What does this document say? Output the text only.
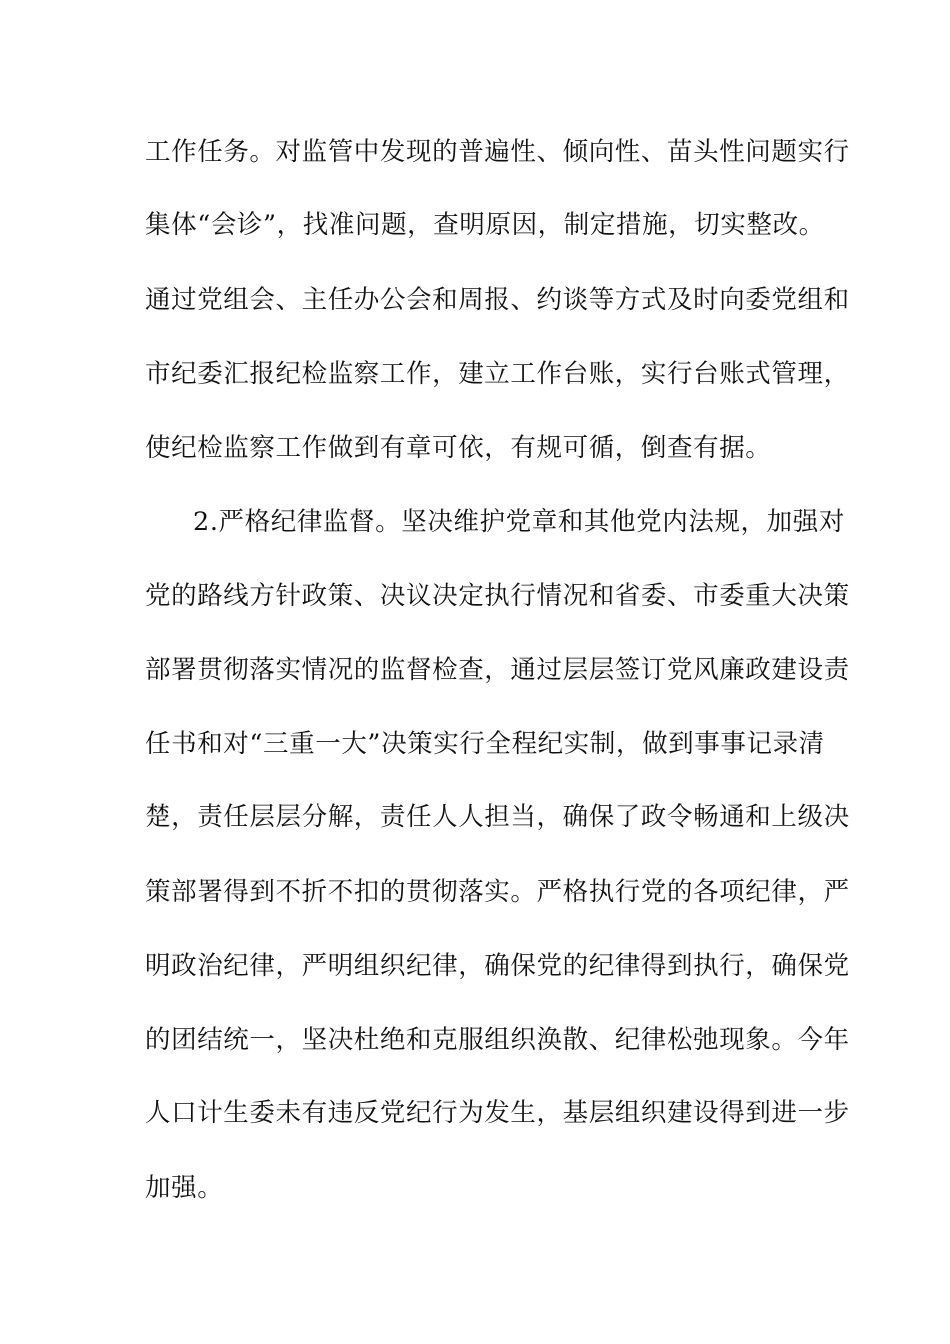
工作任务。对监管中发现的普遍性、倾向性、苗头性问题实行
集体“会诊”，找准问题，查明原因，制定措施，切实整改。
通过党组会、主任办公会和周报、约谈等方式及时向委党组和
市纪委汇报纪检监察工作，建立工作台账，实行台账式管理，
使纪检监察工作做到有章可依，有规可循，倒查有据。
2.严格纪律监督。坚决维护党章和其他党内法规，加强对
党的路线方针政策、决议决定执行情况和省委、市委重大决策
部署贯彻落实情况的监督检查，通过层层签订党风廉政建设责
任书和对“三重一大”决策实行全程纪实制，做到事事记录清
楚，责任层层分解，责任人人担当，确保了政令畅通和上级决
策部署得到不折不扣的贯彻落实。严格执行党的各项纪律，严
明政治纪律，严明组织纪律，确保党的纪律得到执行，确保党
的团结统一，坚决杜绝和克服组织涣散、纪律松弛现象。今年
人口计生委未有违反党纪行为发生，基层组织建设得到进一步
加强。
